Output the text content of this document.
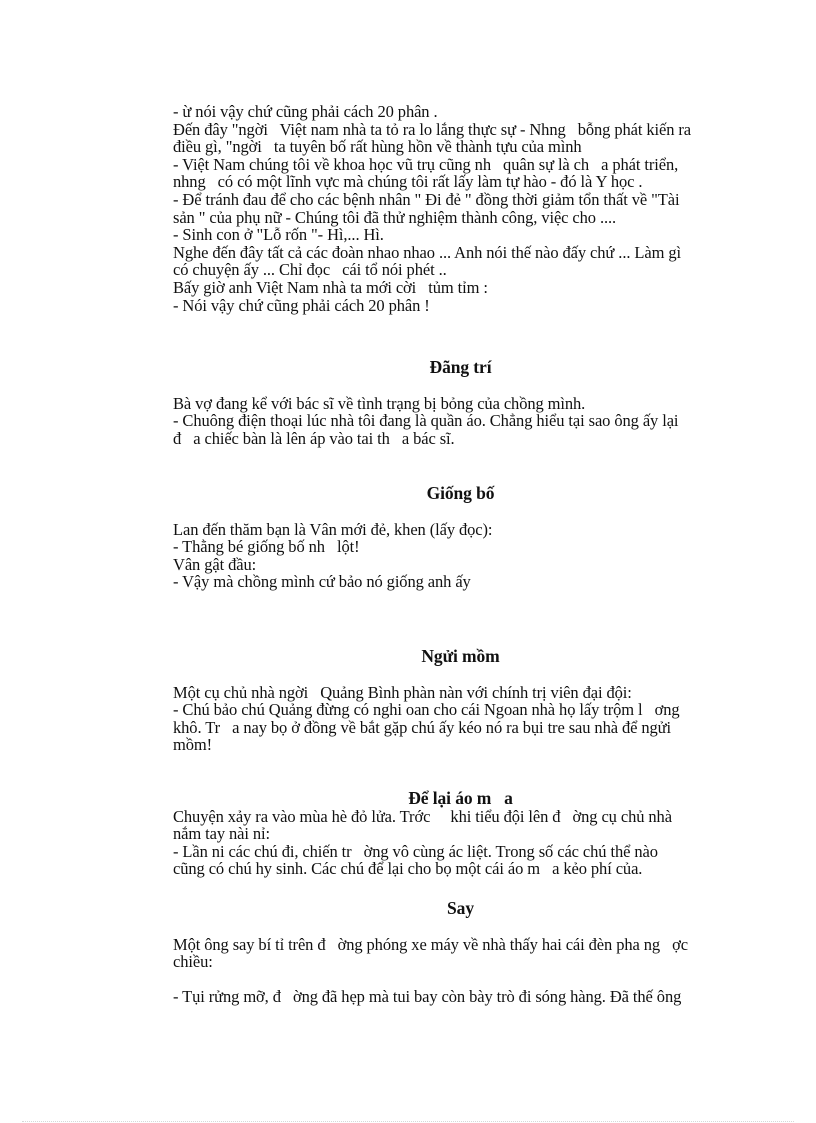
- ừ nói vậy chứ cũng phải cách 20 phân .
Đến đây "ngời   Việt nam nhà ta tỏ ra lo lắng thực sự - Nhng   bỗng phát kiến ra
điều gì, "ngời   ta tuyên bố rất hùng hồn về thành tựu của mình
- Việt Nam chúng tôi về khoa học vũ trụ cũng nh   quân sự là ch   a phát triển,
nhng   có có một lĩnh vực mà chúng tôi rất lấy làm tự hào - đó là Y học .
- Để tránh đau để cho các bệnh nhân " Đi đẻ " đồng thời giảm tổn thất về "Tài
sản " của phụ nữ - Chúng tôi đã thử nghiệm thành công, việc cho ....
- Sinh con ở "Lỗ rốn "- Hì,... Hì.
Nghe đến đây tất cả các đoàn nhao nhao ... Anh nói thế nào đấy chứ ... Làm gì
có chuyện ấy ... Chỉ đọc   cái tổ nói phét ..
Bấy giờ anh Việt Nam nhà ta mới cời   tủm tỉm :
- Nói vậy chứ cũng phải cách 20 phân !
Đãng trí
Bà vợ đang kể với bác sĩ về tình trạng bị bỏng của chồng mình.
- Chuông điện thoại lúc nhà tôi đang là quần áo. Chẳng hiểu tại sao ông ấy lại
đ   a chiếc bàn là lên áp vào tai th   a bác sĩ.
Giống bố
Lan đến thăm bạn là Vân mới đẻ, khen (lấy đọc):
- Thằng bé giống bố nh   lột!
Vân gật đầu:
- Vậy mà chồng mình cứ bảo nó giống anh ấy
Ngửi mồm
Một cụ chủ nhà ngời   Quảng Bình phàn nàn với chính trị viên đại đội:
- Chú bảo chú Quảng đừng có nghi oan cho cái Ngoan nhà họ lấy trộm l   ơng
khô. Tr   a nay bọ ở đồng về bắt gặp chú ấy kéo nó ra bụi tre sau nhà để ngửi
mồm!
Để lại áo m   a
Chuyện xảy ra vào mùa hè đỏ lửa. Trớc     khi tiểu đội lên đ   ờng cụ chủ nhà
nắm tay nài nỉ:
- Lần ni các chú đi, chiến tr   ờng vô cùng ác liệt. Trong số các chú thể nào
cũng có chú hy sinh. Các chú để lại cho bọ một cái áo m   a kẻo phí của.
Say
Một ông say bí tỉ trên đ   ờng phóng xe máy về nhà thấy hai cái đèn pha ng   ợc
chiều:
- Tụi rửng mỡ, đ   ờng đã hẹp mà tui bay còn bày trò đi sóng hàng. Đã thế ông
